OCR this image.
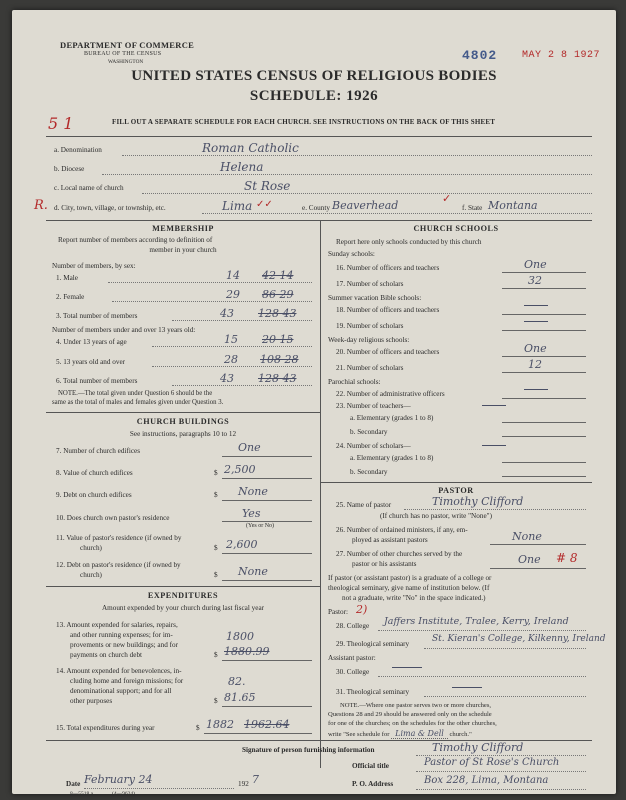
DEPARTMENT OF COMMERCE
BUREAU OF THE CENSUS
WASHINGTON	4802 MAY 2 8 1927
UNITED STATES CENSUS OF RELIGIOUS BODIES
SCHEDULE: 1926
5 1	FILL OUT A SEPARATE SCHEDULE FOR EACH CHURCH. SEE INSTRUCTIONS ON THE BACK OF THIS SHEET
a. Denomination	Roman Catholic
b. Diocese	Helena
c. Local name of church	St Rose
R. d. City, town, village, or township, etc.	Lima ✓✓	e. County Beaverhead	✓
f. State Montana
MEMBERSHIP
Report number of members according to definition of
member in your church
Number of members, by sex:
1. Male	14 42 14
2. Female	29 86 29
3. Total number of members	43 128 43
Number of members under and over 13 years old:
4. Under 13 years of age	15 20 15
5. 13 years old and over	28 108 28
6. Total number of members	43 128 43
NOTE.—The total given under Question 6 should be the
same as the total of males and females given under Question 3.
CHURCH BUILDINGS
See instructions, paragraphs 10 to 12
7. Number of church edifices	One
8. Value of church edifices	$ 2,500
9. Debt on church edifices	$ None
10. Does church own pastor's residence	Yes
(Yes or No)
11. Value of pastor's residence (if owned by
church)	$ 2,600
12. Debt on pastor's residence (if owned by
church)	$ None
EXPENDITURES
Amount expended by your church during last fiscal year
13. Amount expended for salaries, repairs,
and other running expenses; for im-
provements or new buildings; and for
payments on church debt
1800
$ 1880.99
14. Amount expended for benevolences, in-
cluding home and foreign missions; for
denominational support; and for all
other purposes
82.
$ 81.65
15. Total expenditures during year	$ 1882 1962.64
CHURCH SCHOOLS
Report here only schools conducted by this church
Sunday schools:
16. Number of officers and teachers	One
17. Number of scholars	32
Summer vacation Bible schools:
18. Number of officers and teachers
19. Number of scholars
Week-day religious schools:
20. Number of officers and teachers	One
21. Number of scholars	12
Parochial schools:
22. Number of administrative officers
23. Number of teachers—
a. Elementary (grades 1 to 8)
b. Secondary
24. Number of scholars—
a. Elementary (grades 1 to 8)
b. Secondary
PASTOR
25. Name of pastor	Timothy Clifford
(If church has no pastor, write "None")
26. Number of ordained ministers, if any, em-
ployed as assistant pastors	None
27. Number of other churches served by the
pastor or his assistants	One # 8
If pastor (or assistant pastor) is a graduate of a college or
theological seminary, give name of institution below. (If
not a graduate, write "No" in the space indicated.)
Pastor: 2)
28. College Jaffers Institute, Tralee, Kerry, Ireland
29. Theological seminary	St. Kieran's College, Kilkenny, Ireland
Assistant pastor:
30. College
31. Theological seminary
NOTE.—Where one pastor serves two or more churches,
Questions 28 and 29 should be answered only on the schedule
for one of the churches; on the schedules for the other churches,
write "See schedule for Lima & Dell church."
Signature of person furnishing information	Timothy Clifford
Official title	Pastor of St Rose's Church
Date February 24	192 7	P. O. Address	Box 228, Lima, Montana
8—5518 a	(4—9624)
